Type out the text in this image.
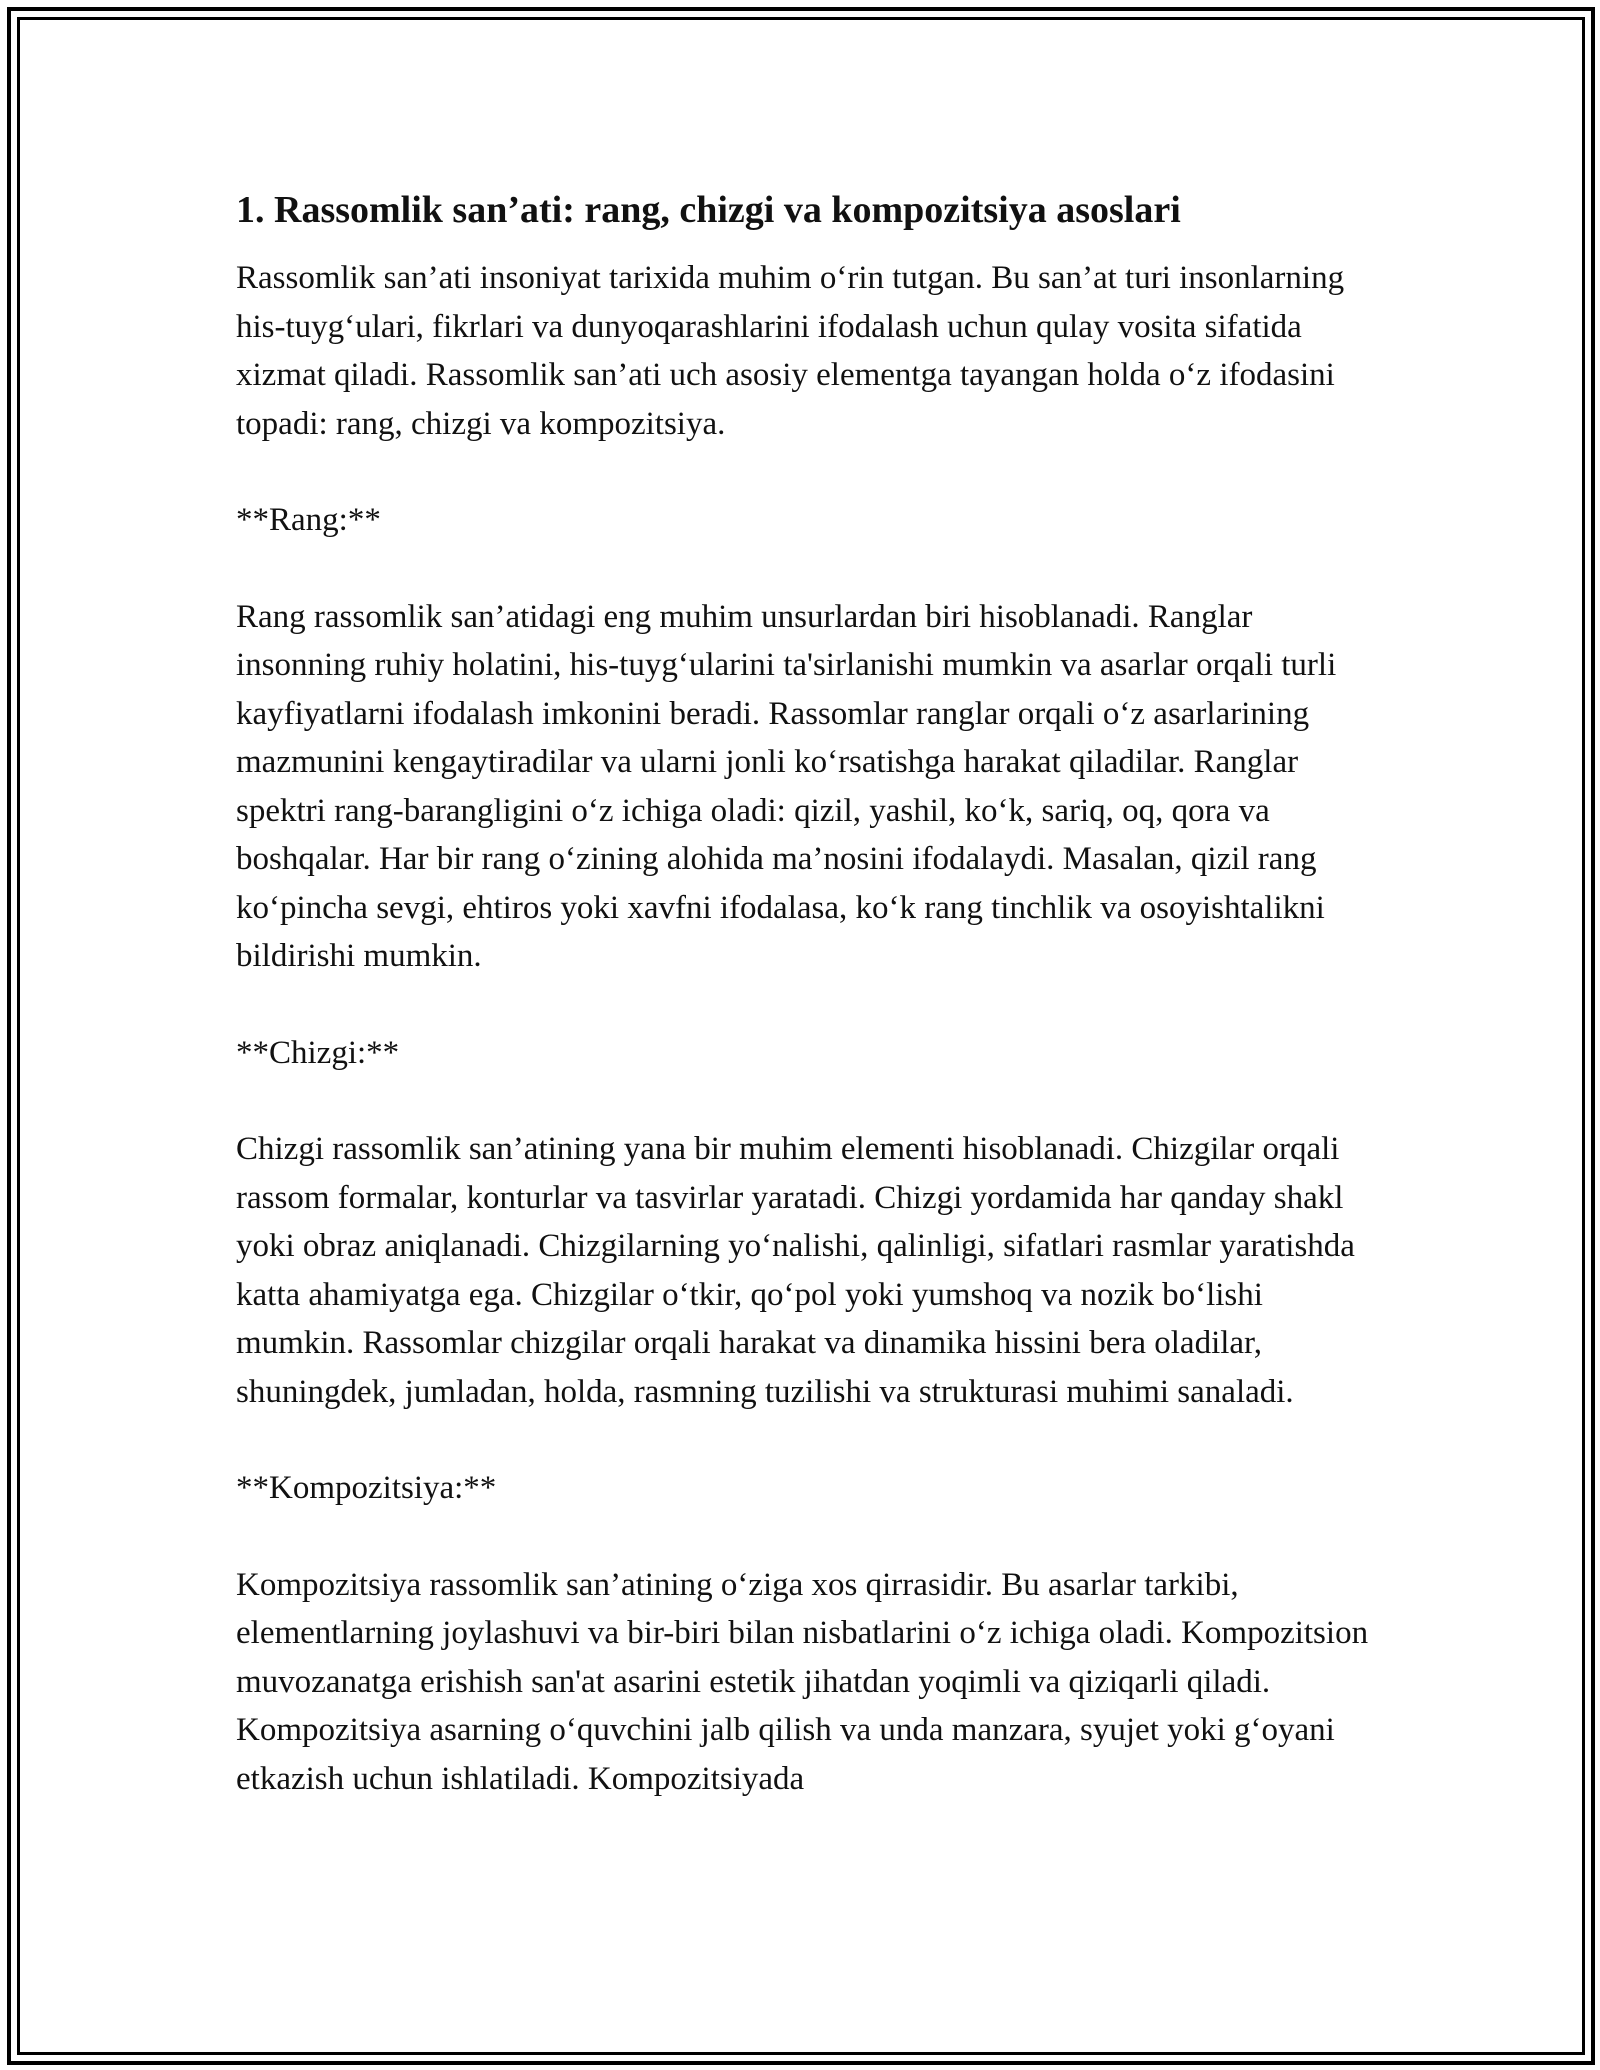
1. Rassomlik san’ati: rang, chizgi va kompozitsiya asoslari

Rassomlik san’ati insoniyat tarixida muhim o‘rin tutgan. Bu san’at turi insonlarning his-tuyg‘ulari, fikrlari va dunyoqarashlarini ifodalash uchun qulay vosita sifatida xizmat qiladi. Rassomlik san’ati uch asosiy elementga tayangan holda o‘z ifodasini topadi: rang, chizgi va kompozitsiya.

**Rang:**

Rang rassomlik san’atidagi eng muhim unsurlardan biri hisoblanadi. Ranglar insonning ruhiy holatini, his-tuyg‘ularini ta'sirlanishi mumkin va asarlar orqali turli kayfiyatlarni ifodalash imkonini beradi. Rassomlar ranglar orqali o‘z asarlarining mazmunini kengaytiradilar va ularni jonli ko‘rsatishga harakat qiladilar. Ranglar spektri rang-barangligini o‘z ichiga oladi: qizil, yashil, ko‘k, sariq, oq, qora va boshqalar. Har bir rang o‘zining alohida ma’nosini ifodalaydi. Masalan, qizil rang ko‘pincha sevgi, ehtiros yoki xavfni ifodalasa, ko‘k rang tinchlik va osoyishtalikni bildirishi mumkin.

**Chizgi:**

Chizgi rassomlik san’atining yana bir muhim elementi hisoblanadi. Chizgilar orqali rassom formalar, konturlar va tasvirlar yaratadi. Chizgi yordamida har qanday shakl yoki obraz aniqlanadi. Chizgilarning yo‘nalishi, qalinligi, sifatlari rasmlar yaratishda katta ahamiyatga ega. Chizgilar o‘tkir, qo‘pol yoki yumshoq va nozik bo‘lishi mumkin. Rassomlar chizgilar orqali harakat va dinamika hissini bera oladilar, shuningdek, jumladan, holda, rasmning tuzilishi va strukturasi muhimi sanaladi.

**Kompozitsiya:**

Kompozitsiya rassomlik san’atining o‘ziga xos qirrasidir. Bu asarlar tarkibi, elementlarning joylashuvi va bir-biri bilan nisbatlarini o‘z ichiga oladi. Kompozitsion muvozanatga erishish san'at asarini estetik jihatdan yoqimli va qiziqarli qiladi. Kompozitsiya asarning o‘quvchini jalb qilish va unda manzara, syujet yoki g‘oyani etkazish uchun ishlatiladi. Kompozitsiyada
